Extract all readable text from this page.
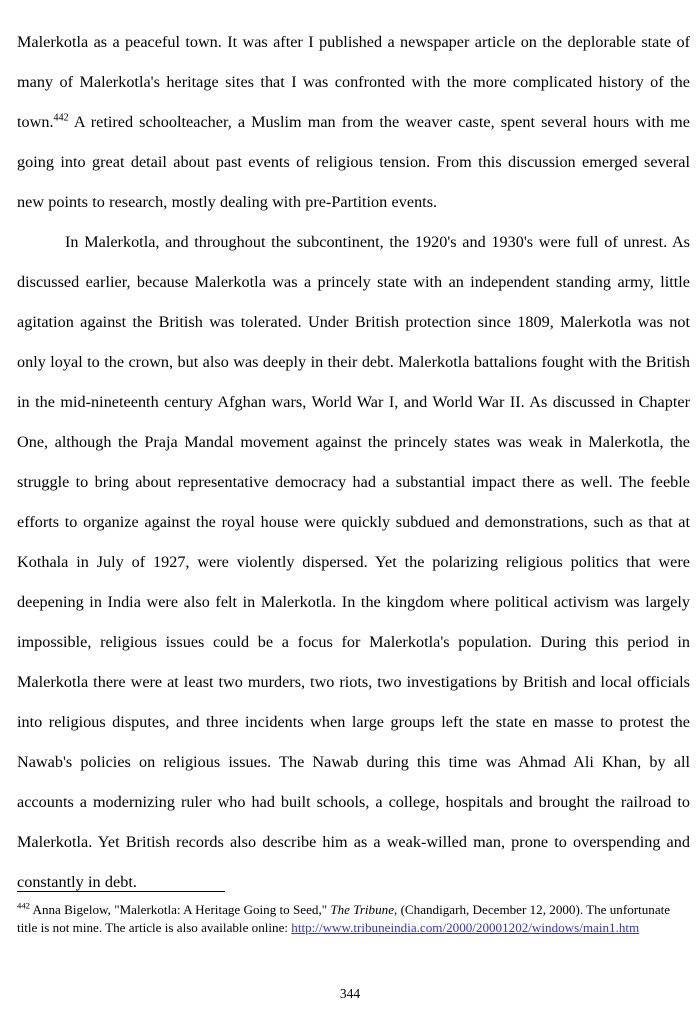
Malerkotla as a peaceful town. It was after I published a newspaper article on the deplorable state of many of Malerkotla's heritage sites that I was confronted with the more complicated history of the town.$^{442}$ A retired schoolteacher, a Muslim man from the weaver caste, spent several hours with me going into great detail about past events of religious tension. From this discussion emerged several new points to research, mostly dealing with pre-Partition events.

In Malerkotla, and throughout the subcontinent, the 1920's and 1930's were full of unrest. As discussed earlier, because Malerkotla was a princely state with an independent standing army, little agitation against the British was tolerated. Under British protection since 1809, Malerkotla was not only loyal to the crown, but also was deeply in their debt. Malerkotla battalions fought with the British in the mid-nineteenth century Afghan wars, World War I, and World War II. As discussed in Chapter One, although the Praja Mandal movement against the princely states was weak in Malerkotla, the struggle to bring about representative democracy had a substantial impact there as well. The feeble efforts to organize against the royal house were quickly subdued and demonstrations, such as that at Kothala in July of 1927, were violently dispersed. Yet the polarizing religious politics that were deepening in India were also felt in Malerkotla. In the kingdom where political activism was largely impossible, religious issues could be a focus for Malerkotla's population. During this period in Malerkotla there were at least two murders, two riots, two investigations by British and local officials into religious disputes, and three incidents when large groups left the state en masse to protest the Nawab's policies on religious issues. The Nawab during this time was Ahmad Ali Khan, by all accounts a modernizing ruler who had built schools, a college, hospitals and brought the railroad to Malerkotla. Yet British records also describe him as a weak-willed man, prone to overspending and constantly in debt.

$^{442}$ Anna Bigelow, "Malerkotla: A Heritage Going to Seed," The Tribune, (Chandigarh, December 12, 2000). The unfortunate title is not mine. The article is also available online: http://www.tribuneindia.com/2000/20001202/windows/main1.htm

344
